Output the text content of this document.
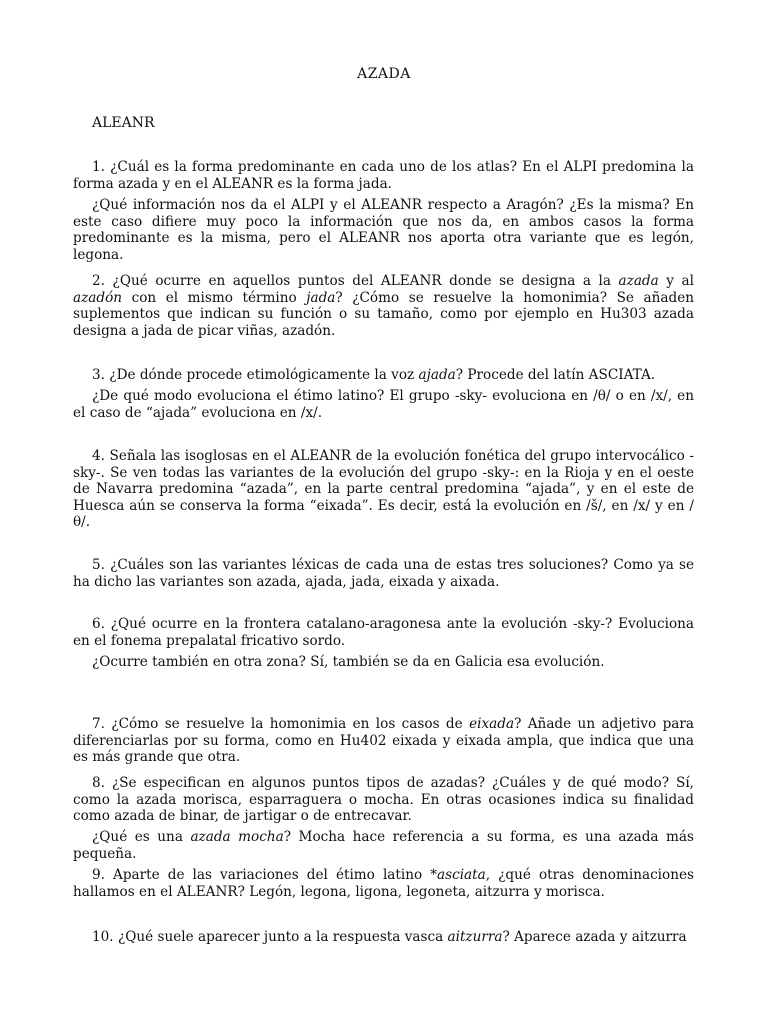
AZADA
ALEANR

1. ¿Cuál es la forma predominante en cada uno de los atlas? En el ALPI predomina la forma azada y en el ALEANR es la forma jada.

¿Qué información nos da el ALPI y el ALEANR respecto a Aragón? ¿Es la misma? En este caso difiere muy poco la información que nos da, en ambos casos la forma predominante es la misma, pero el ALEANR nos aporta otra variante que es legón, legona.

2. ¿Qué ocurre en aquellos puntos del ALEANR donde se designa a la azada y al azadón con el mismo término jada? ¿Cómo se resuelve la homonimia? Se añaden suplementos que indican su función o su tamaño, como por ejemplo en Hu303 azada designa a jada de picar viñas, azadón.

3. ¿De dónde procede etimológicamente la voz ajada? Procede del latín ASCIATA.

¿De qué modo evoluciona el étimo latino? El grupo -sky- evoluciona en /θ/ o en /x/, en el caso de “ajada” evoluciona en /x/.

4. Señala las isoglosas en el ALEANR de la evolución fonética del grupo intervocálico -sky-. Se ven todas las variantes de la evolución del grupo -sky-: en la Rioja y en el oeste de Navarra predomina “azada”, en la parte central predomina “ajada”, y en el este de Huesca aún se conserva la forma “eixada”. Es decir, está la evolución en /š/, en /x/ y en /θ/.

5. ¿Cuáles son las variantes léxicas de cada una de estas tres soluciones? Como ya se ha dicho las variantes son azada, ajada, jada, eixada y aixada.

6. ¿Qué ocurre en la frontera catalano-aragonesa ante la evolución -sky-? Evoluciona en el fonema prepalatal fricativo sordo.

¿Ocurre también en otra zona? Sí, también se da en Galicia esa evolución.

7. ¿Cómo se resuelve la homonimia en los casos de eixada? Añade un adjetivo para diferenciarlas por su forma, como en Hu402 eixada y eixada ampla, que indica que una es más grande que otra.

8. ¿Se especifican en algunos puntos tipos de azadas? ¿Cuáles y de qué modo? Sí, como la azada morisca, esparraguera o mocha. En otras ocasiones indica su finalidad como azada de binar, de jartigar o de entrecavar.

¿Qué es una azada mocha? Mocha hace referencia a su forma, es una azada más pequeña.

9. Aparte de las variaciones del étimo latino *asciata, ¿qué otras denominaciones hallamos en el ALEANR? Legón, legona, ligona, legoneta, aitzurra y morisca.

10. ¿Qué suele aparecer junto a la respuesta vasca aitzurra? Aparece azada y aitzurra
